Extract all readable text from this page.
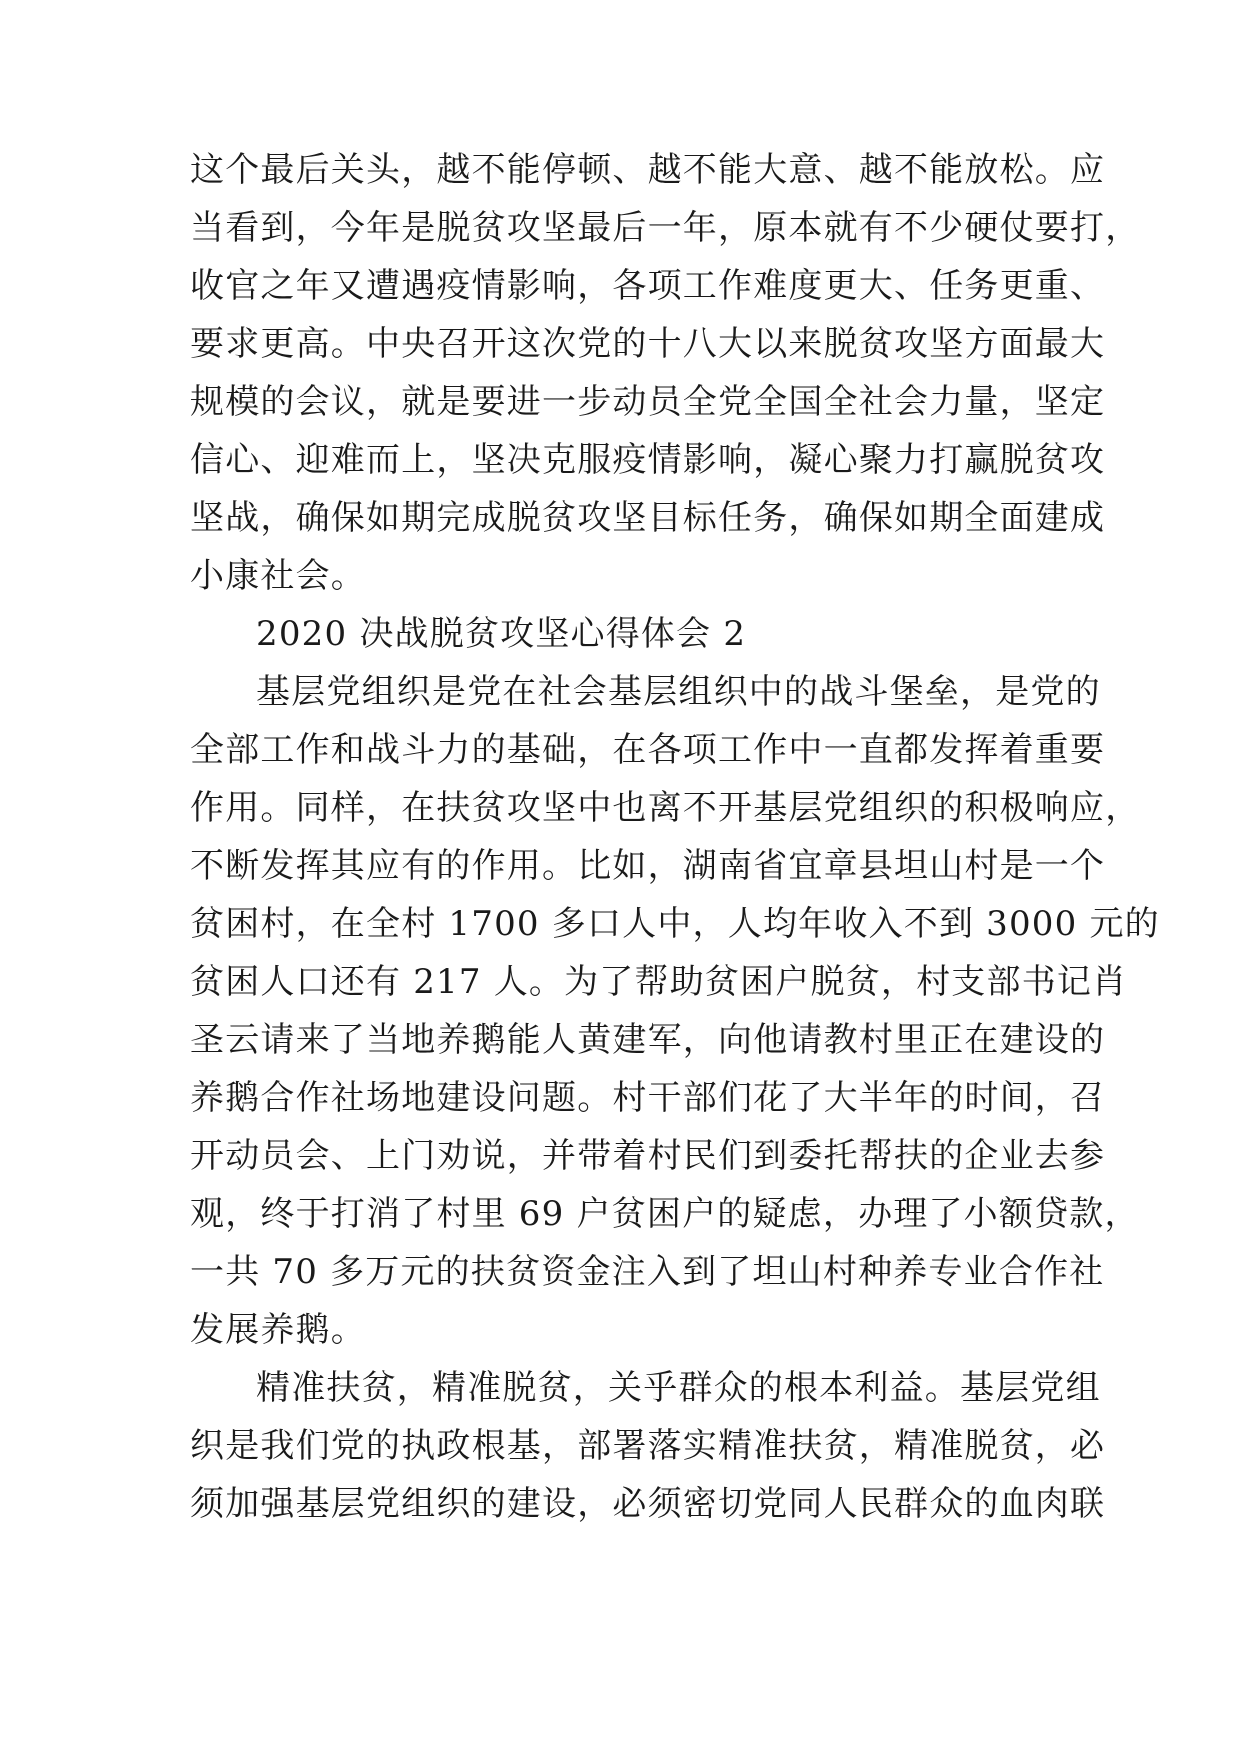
这个最后关头，越不能停顿、越不能大意、越不能放松。应
当看到，今年是脱贫攻坚最后一年，原本就有不少硬仗要打，
收官之年又遭遇疫情影响，各项工作难度更大、任务更重、
要求更高。中央召开这次党的十八大以来脱贫攻坚方面最大
规模的会议，就是要进一步动员全党全国全社会力量，坚定
信心、迎难而上，坚决克服疫情影响，凝心聚力打赢脱贫攻
坚战，确保如期完成脱贫攻坚目标任务，确保如期全面建成
小康社会。
2020 决战脱贫攻坚心得体会 2
基层党组织是党在社会基层组织中的战斗堡垒，是党的
全部工作和战斗力的基础，在各项工作中一直都发挥着重要
作用。同样，在扶贫攻坚中也离不开基层党组织的积极响应，
不断发挥其应有的作用。比如，湖南省宜章县坦山村是一个
贫困村，在全村 1700 多口人中，人均年收入不到 3000 元的
贫困人口还有 217 人。为了帮助贫困户脱贫，村支部书记肖
圣云请来了当地养鹅能人黄建军，向他请教村里正在建设的
养鹅合作社场地建设问题。村干部们花了大半年的时间，召
开动员会、上门劝说，并带着村民们到委托帮扶的企业去参
观，终于打消了村里 69 户贫困户的疑虑，办理了小额贷款，
一共 70 多万元的扶贫资金注入到了坦山村种养专业合作社
发展养鹅。
精准扶贫，精准脱贫，关乎群众的根本利益。基层党组
织是我们党的执政根基，部署落实精准扶贫，精准脱贫，必
须加强基层党组织的建设，必须密切党同人民群众的血肉联
